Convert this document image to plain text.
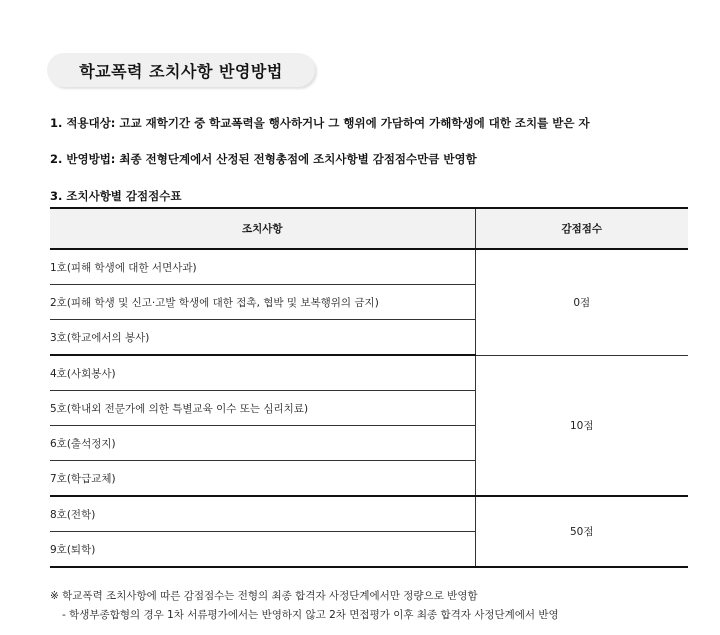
학교폭력 조치사항 반영방법
1. 적용대상: 고교 재학기간 중 학교폭력을 행사하거나 그 행위에 가담하여 가해학생에 대한 조치를 받은 자
2. 반영방법: 최종 전형단계에서 산정된 전형총점에 조치사항별 감점점수만큼 반영함
3. 조치사항별 감점점수표
조치사항	감점점수
1호(피해 학생에 대한 서면사과)	0점
2호(피해 학생 및 신고·고발 학생에 대한 접촉, 협박 및 보복행위의 금지)	
3호(학교에서의 봉사)	
4호(사회봉사)	10점
5호(학내외 전문가에 의한 특별교육 이수 또는 심리치료)	
6호(출석정지)	
7호(학급교체)	
8호(전학)	50점
9호(퇴학)	
※ 학교폭력 조치사항에 따른 감점점수는 전형의 최종 합격자 사정단계에서만 정량으로 반영함
- 학생부종합형의 경우 1차 서류평가에서는 반영하지 않고 2차 면접평가 이후 최종 합격자 사정단계에서 반영
